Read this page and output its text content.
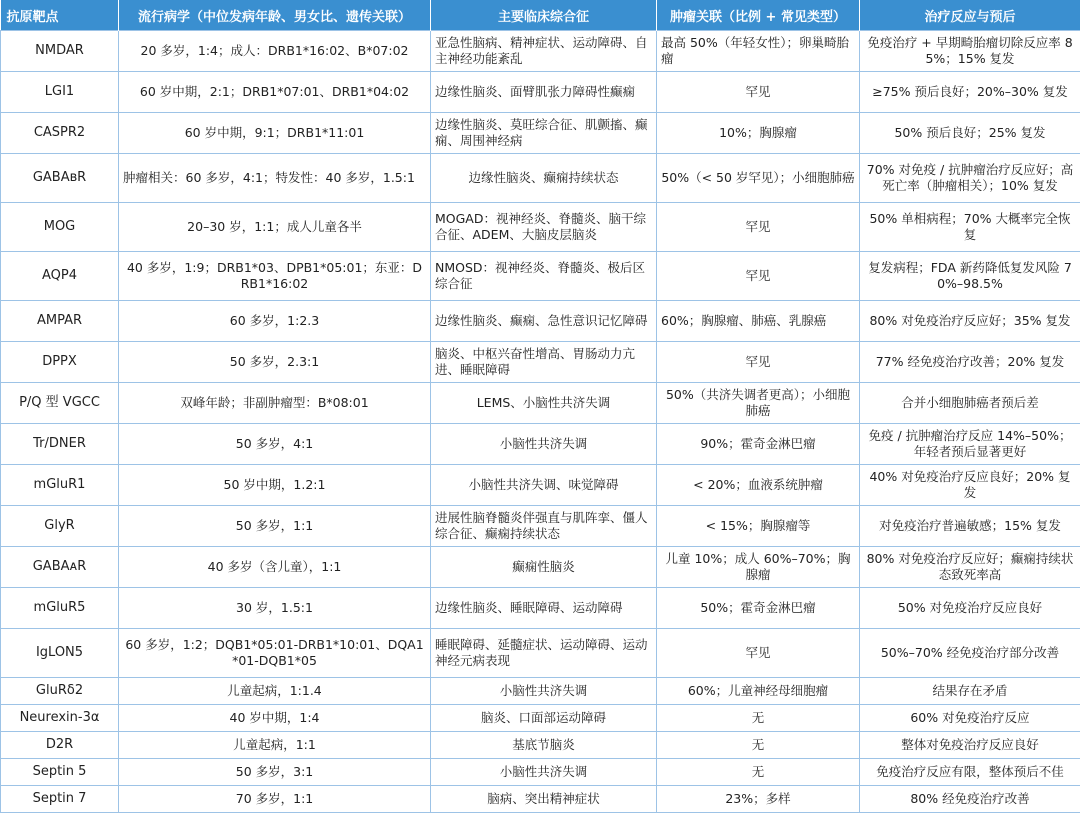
抗原靶点	流行病学（中位发病年龄、男女比、遗传关联）	主要临床综合征	肿瘤关联（比例 + 常见类型）	治疗反应与预后
NMDAR	20 多岁，1:4；成人：DRB1*16:02、B*07:02	亚急性脑病、精神症状、运动障碍、自主神经功能紊乱	最高 50%（年轻女性）；卵巢畸胎瘤	免疫治疗 + 早期畸胎瘤切除反应率 85%；15% 复发
LGI1	60 岁中期，2:1；DRB1*07:01、DRB1*04:02	边缘性脑炎、面臂肌张力障碍性癫痫	罕见	≥75% 预后良好；20%–30% 复发
CASPR2	60 岁中期，9:1；DRB1*11:01	边缘性脑炎、莫旺综合征、肌颤搐、癫痫、周围神经病	10%；胸腺瘤	50% 预后良好；25% 复发
GABAʙR	肿瘤相关：60 多岁，4:1；特发性：40 多岁，1.5:1	边缘性脑炎、癫痫持续状态	50%（< 50 岁罕见）；小细胞肺癌	70% 对免疫 / 抗肿瘤治疗反应好；高死亡率（肿瘤相关）；10% 复发

MOG	20–30 岁，1:1；成人儿童各半	MOGAD：视神经炎、脊髓炎、脑干综合征、ADEM、大脑皮层脑炎	罕见	50% 单相病程；70% 大概率完全恢复
AQP4	40 多岁，1:9；DRB1*03、DPB1*05:01；东亚：DRB1*16:02	NMOSD：视神经炎、脊髓炎、极后区综合征	罕见	复发病程；FDA 新药降低复发风险 70%–98.5%
AMPAR	60 多岁，1:2.3	边缘性脑炎、癫痫、急性意识记忆障碍	60%；胸腺瘤、肺癌、乳腺癌	80% 对免疫治疗反应好；35% 复发
DPPX	50 多岁，2.3:1	脑炎、中枢兴奋性增高、胃肠动力亢进、睡眠障碍	罕见	77% 经免疫治疗改善；20% 复发
P/Q 型 VGCC	双峰年龄；非副肿瘤型：B*08:01	LEMS、小脑性共济失调	50%（共济失调者更高）；小细胞肺癌	合并小细胞肺癌者预后差
Tr/DNER	50 多岁，4:1	小脑性共济失调	90%；霍奇金淋巴瘤	免疫 / 抗肿瘤治疗反应 14%–50%；年轻者预后显著更好
mGluR1	50 岁中期，1.2:1	小脑性共济失调、味觉障碍	< 20%；血液系统肿瘤	40% 对免疫治疗反应良好；20% 复发
GlyR	50 多岁，1:1	进展性脑脊髓炎伴强直与肌阵挛、僵人综合征、癫痫持续状态	< 15%；胸腺瘤等	对免疫治疗普遍敏感；15% 复发
GABAᴀR	40 多岁（含儿童），1:1	癫痫性脑炎	儿童 10%；成人 60%–70%；胸腺瘤	80% 对免疫治疗反应好；癫痫持续状态致死率高
mGluR5	30 岁，1.5:1	边缘性脑炎、睡眠障碍、运动障碍	50%；霍奇金淋巴瘤	50% 对免疫治疗反应良好
IgLON5	60 多岁，1:2；DQB1*05:01-DRB1*10:01、DQA1*01-DQB1*05	睡眠障碍、延髓症状、运动障碍、运动神经元病表现	罕见	50%–70% 经免疫治疗部分改善
GluRδ2	儿童起病，1:1.4	小脑性共济失调	60%；儿童神经母细胞瘤	结果存在矛盾
Neurexin-3α	40 岁中期，1:4	脑炎、口面部运动障碍	无	60% 对免疫治疗反应
D2R	儿童起病，1:1	基底节脑炎	无	整体对免疫治疗反应良好
Septin 5	50 多岁，3:1	小脑性共济失调	无	免疫治疗反应有限，整体预后不佳
Septin 7	70 多岁，1:1	脑病、突出精神症状	23%；多样	80% 经免疫治疗改善
